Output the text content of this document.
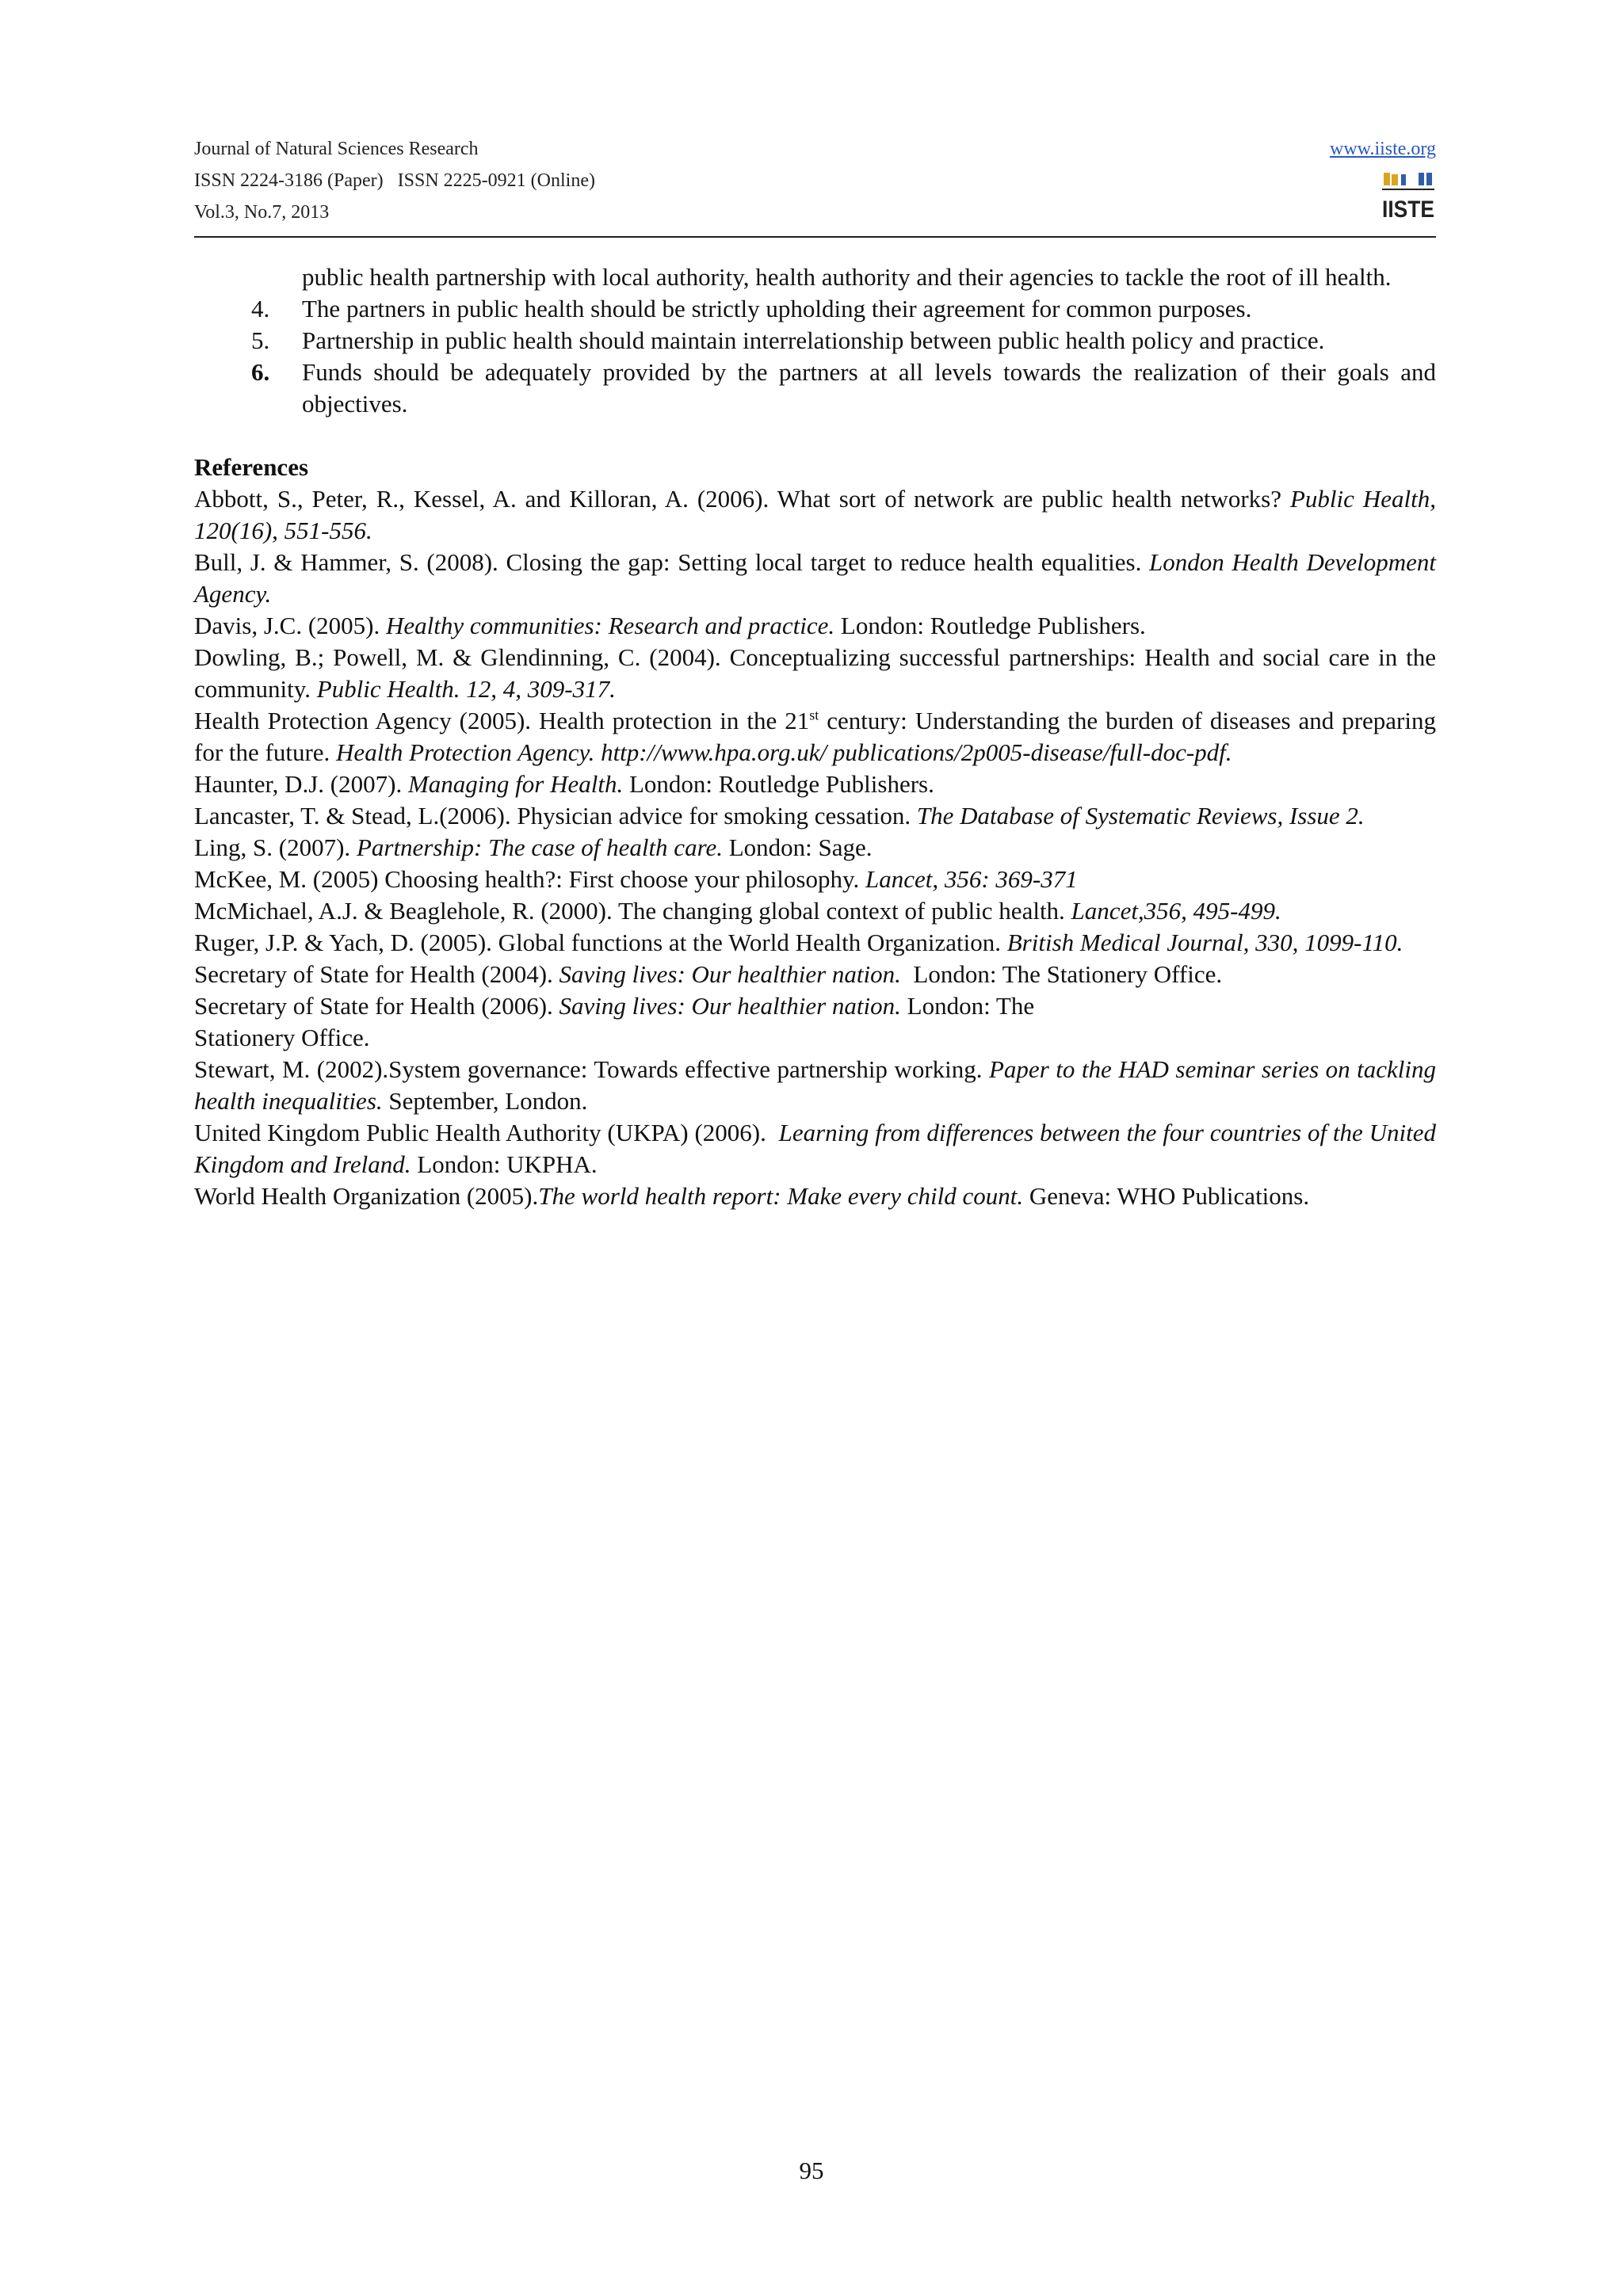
Journal of Natural Sciences Research
ISSN 2224-3186 (Paper)   ISSN 2225-0921 (Online)
Vol.3, No.7, 2013
www.iiste.org
IISTE
public health partnership with local authority, health authority and their agencies to tackle the root of ill health.
4.	The partners in public health should be strictly upholding their agreement for common purposes.
5.	Partnership in public health should maintain interrelationship between public health policy and practice.
6.	Funds should be adequately provided by the partners at all levels towards the realization of their goals and objectives.
References
Abbott, S., Peter, R., Kessel, A. and Killoran, A. (2006). What sort of network are public health networks? Public Health, 120(16), 551-556.
Bull, J. & Hammer, S. (2008). Closing the gap: Setting local target to reduce health equalities. London Health Development Agency.
Davis, J.C. (2005). Healthy communities: Research and practice. London: Routledge Publishers.
Dowling, B.; Powell, M. & Glendinning, C. (2004). Conceptualizing successful partnerships: Health and social care in the community. Public Health. 12, 4, 309-317.
Health Protection Agency (2005). Health protection in the 21st century: Understanding the burden of diseases and preparing for the future. Health Protection Agency. http://www.hpa.org.uk/ publications/2p005-disease/full-doc-pdf.
Haunter, D.J. (2007). Managing for Health. London: Routledge Publishers.
Lancaster, T. & Stead, L.(2006). Physician advice for smoking cessation. The Database of Systematic Reviews, Issue 2.
Ling, S. (2007). Partnership: The case of health care. London: Sage.
McKee, M. (2005) Choosing health?: First choose your philosophy. Lancet, 356: 369-371
McMichael, A.J. & Beaglehole, R. (2000). The changing global context of public health. Lancet,356, 495-499.
Ruger, J.P. & Yach, D. (2005). Global functions at the World Health Organization. British Medical Journal, 330, 1099-110.
Secretary of State for Health (2004). Saving lives: Our healthier nation.  London: The Stationery Office.
Secretary of State for Health (2006). Saving lives: Our healthier nation. London: The
Stationery Office.
Stewart, M. (2002).System governance: Towards effective partnership working. Paper to the HAD seminar series on tackling health inequalities. September, London.
United Kingdom Public Health Authority (UKPA) (2006).  Learning from differences between the four countries of the United Kingdom and Ireland. London: UKPHA.
World Health Organization (2005).The world health report: Make every child count. Geneva: WHO Publications.
95
